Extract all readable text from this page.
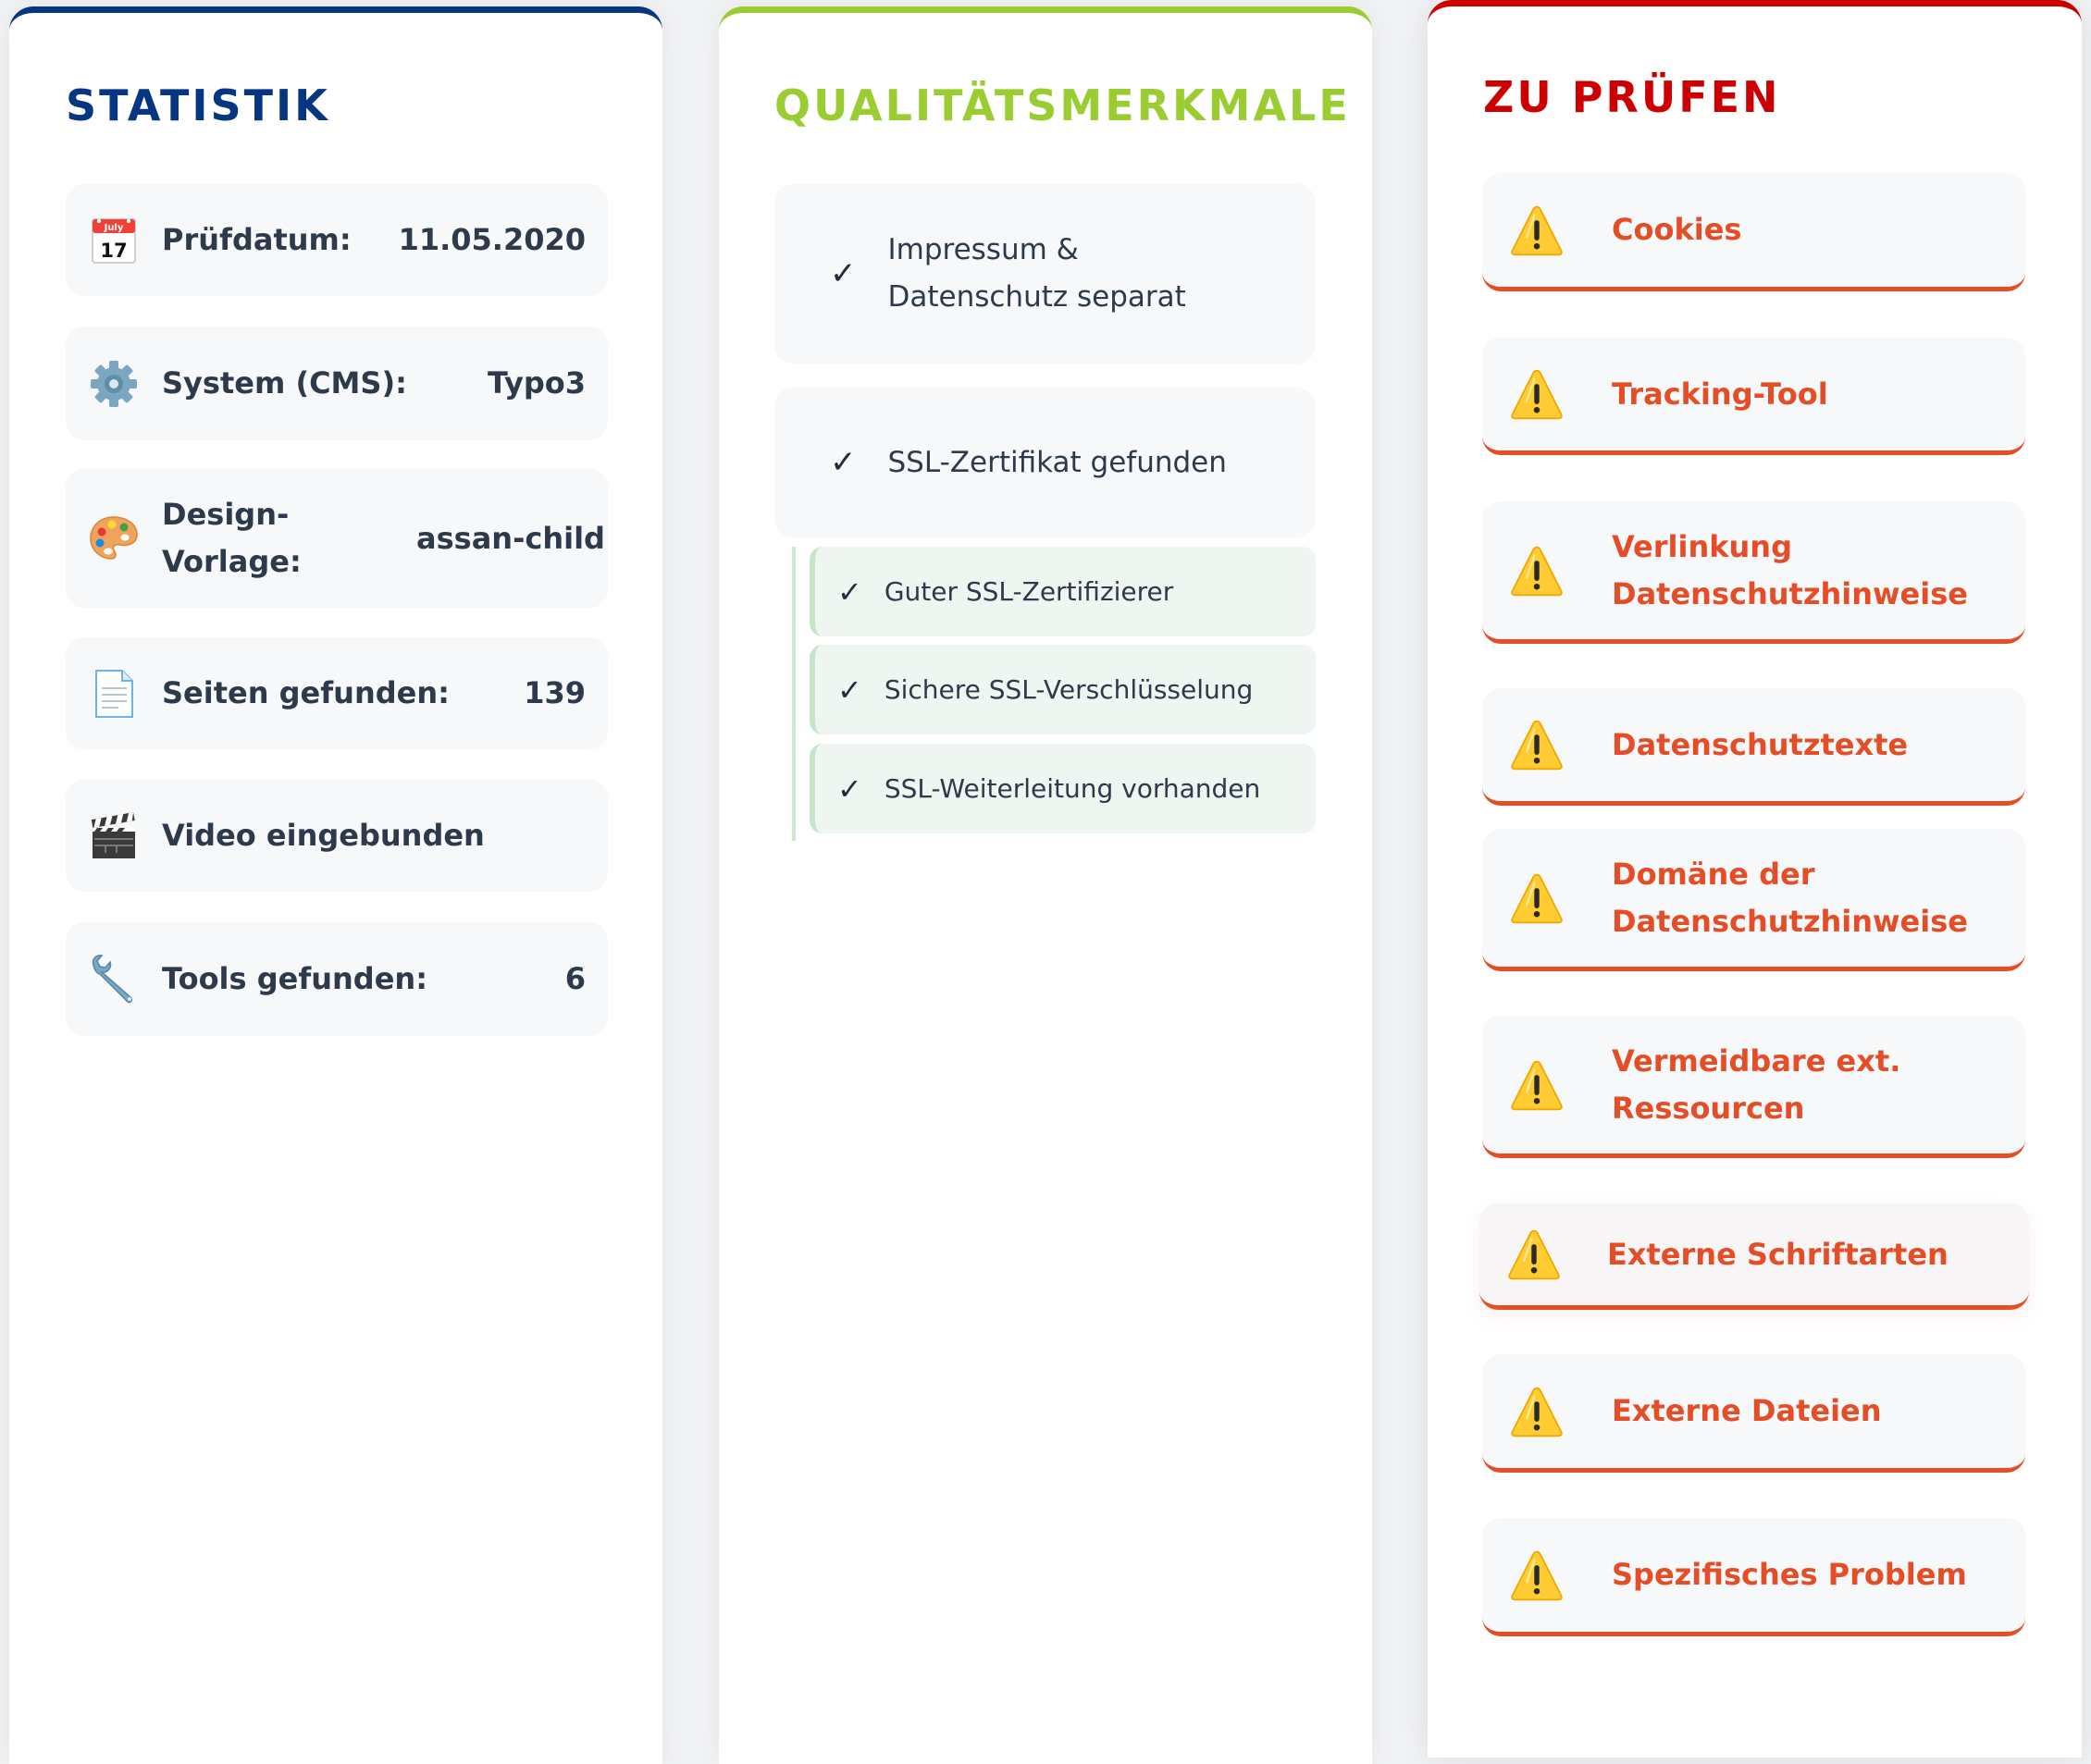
STATISTIK
July
17 Prüfdatum:	11.05.2020
System (CMS):	Typo3
Design-Vorlage:
assan-child
Seiten gefunden:	139
Video eingebunden
Tools gefunden:	6
QUALITÄTSMERKMALE
✓
Impressum & Datenschutz separat
✓ SSL-Zertifikat gefunden
✓ Guter SSL-Zertifizierer
✓ Sichere SSL-Verschlüsselung
✓ SSL-Weiterleitung vorhanden
ZU PRÜFEN
Cookies
Tracking-Tool
Verlinkung Datenschutzhinweise
Datenschutztexte
Domäne der Datenschutzhinweise
Vermeidbare ext. Ressourcen
Externe Schriftarten
Externe Dateien
Spezifisches Problem
